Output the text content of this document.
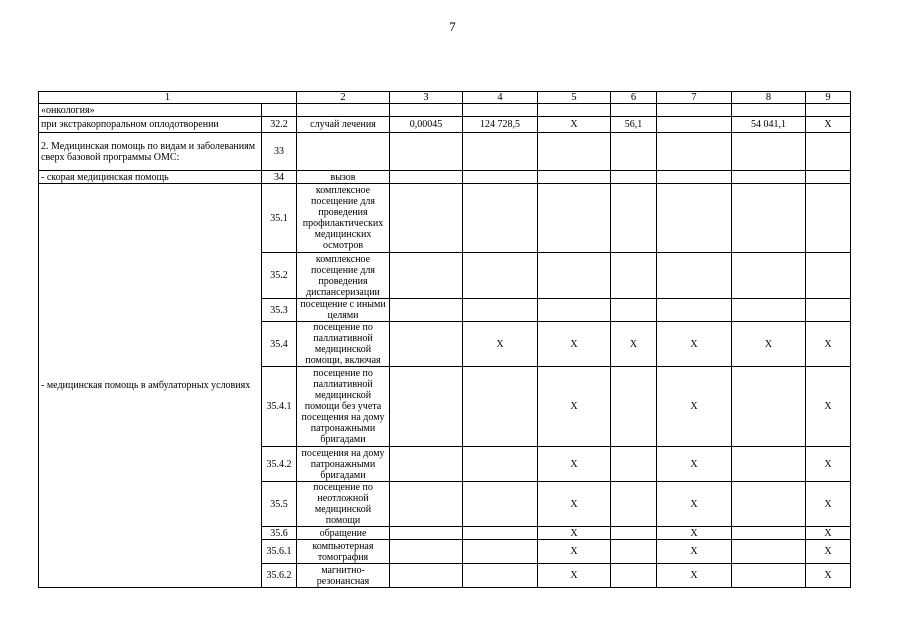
7
1		2	3	4	5	6	7	8	9
«онкология»									
при экстракорпоральном оплодотворении	32.2	случай лечения	0,00045	124 728,5	Х	56,1		54 041,1	Х
2. Медицинская помощь по видам и заболеваниям сверх базовой программы ОМС:	33								
- скорая медицинская помощь	34	вызов							
- медицинская помощь в амбулаторных условиях	35.1	комплексное посещение для проведения профилактических медицинских осмотров							
	35.2	комплексное посещение для проведения диспансеризации							
	35.3	посещение с иными целями							
	35.4	посещение по паллиативной медицинской помощи, включая		Х	Х	Х	Х	Х	Х
	35.4.1	посещение по паллиативной медицинской помощи без учета посещения на дому патронажными бригадами			Х		Х		Х
	35.4.2	посещения на дому патронажными бригадами			Х		Х		Х
	35.5	посещение по неотложной медицинской помощи			Х		Х		Х
	35.6	обращение			Х		Х		Х
	35.6.1	компьютерная томография			Х		Х		Х
	35.6.2	магнитно-резонансная			Х		Х		Х
